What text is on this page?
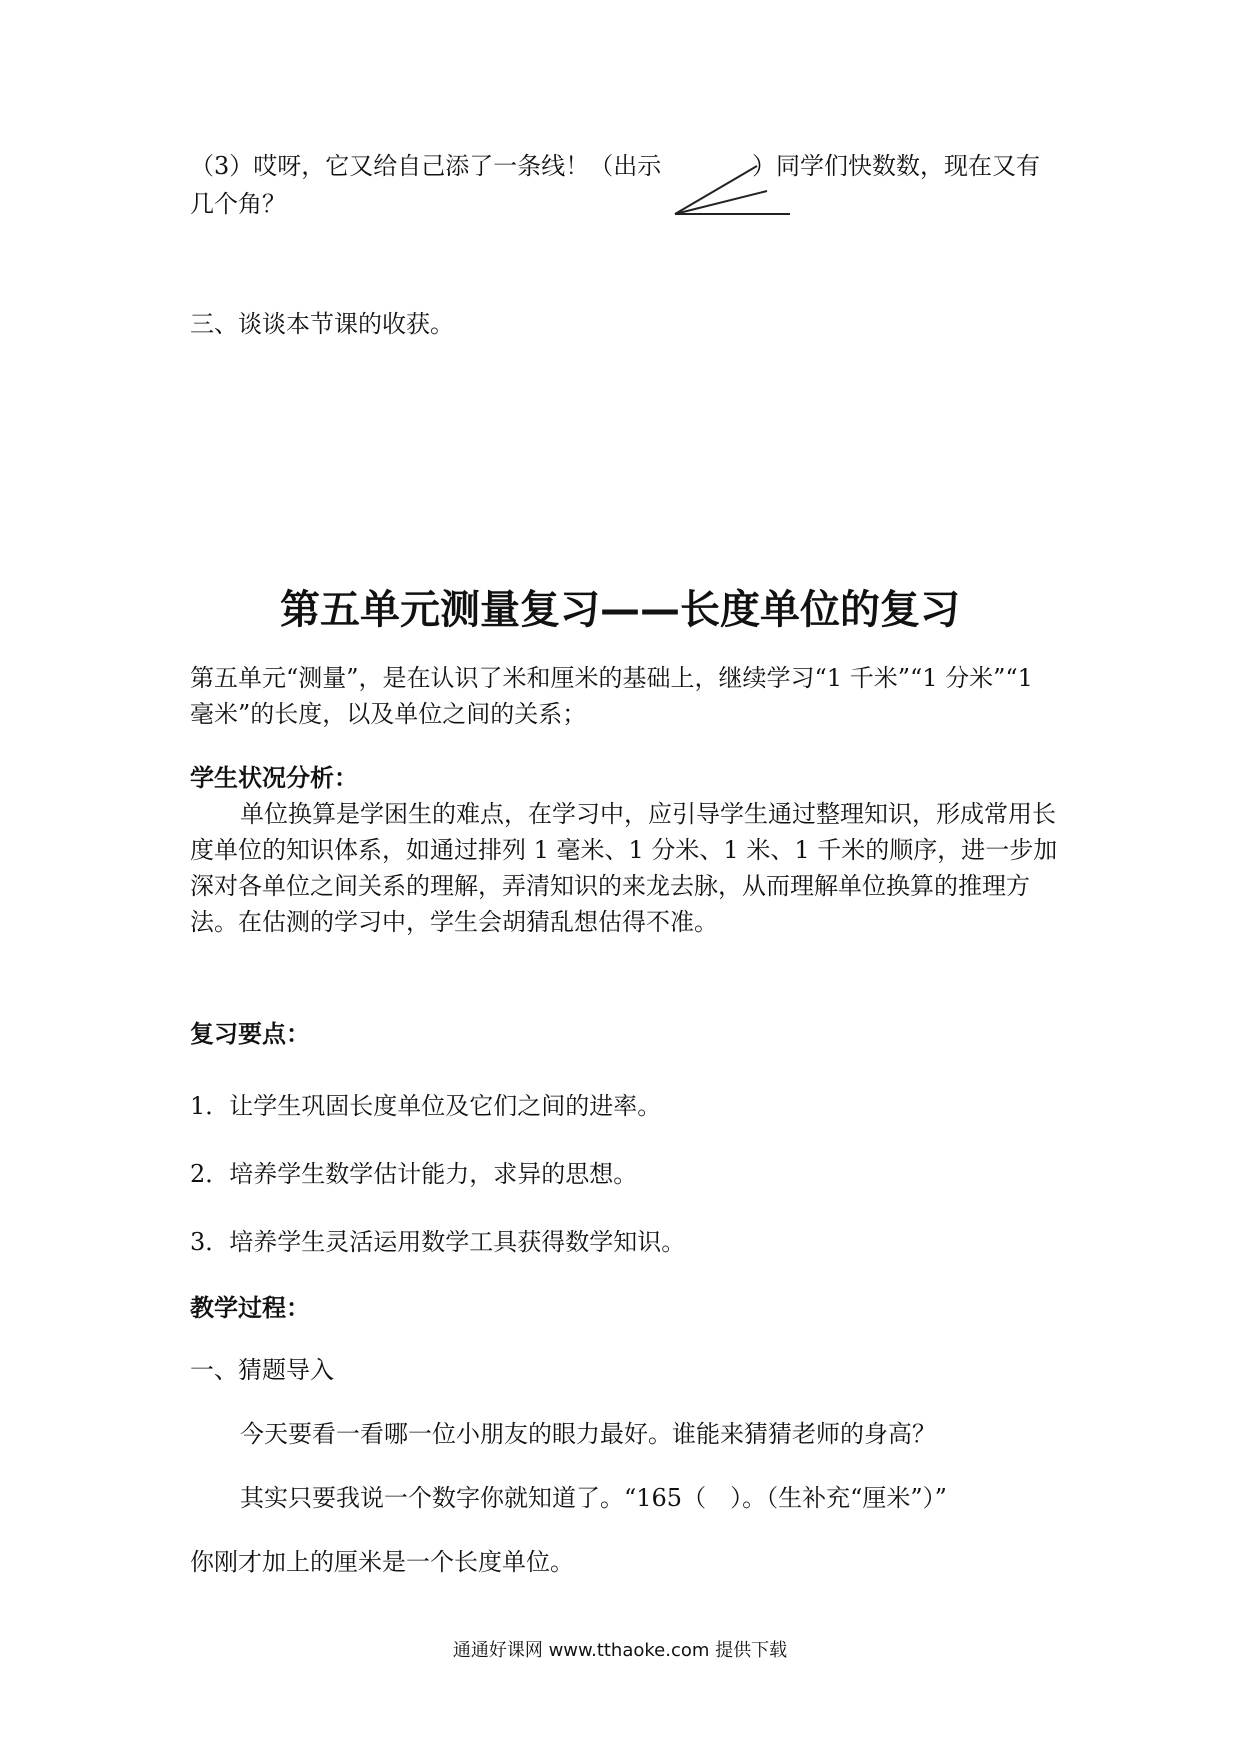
（3）哎呀，它又给自己添了一条线！（出示	）同学们快数数，现在又有
几个角？
三、谈谈本节课的收获。
第五单元测量复习——长度单位的复习
第五单元“测量”，是在认识了米和厘米的基础上，继续学习“1 千米”“1 分米”“1 毫米”的长度，以及单位之间的关系；
学生状况分析：
单位换算是学困生的难点，在学习中，应引导学生通过整理知识，形成常用长度单位的知识体系，如通过排列 1 毫米、1 分米、1 米、1 千米的顺序，进一步加深对各单位之间关系的理解，弄清知识的来龙去脉，从而理解单位换算的推理方法。在估测的学习中，学生会胡猜乱想估得不准。
复习要点：
1．让学生巩固长度单位及它们之间的进率。
2．培养学生数学估计能力，求异的思想。
3．培养学生灵活运用数学工具获得数学知识。
教学过程：
一、猜题导入
今天要看一看哪一位小朋友的眼力最好。谁能来猜猜老师的身高？
其实只要我说一个数字你就知道了。“165（　）。（生补充“厘米”）”
你刚才加上的厘米是一个长度单位。
通通好课网 www.tthaoke.com 提供下载
